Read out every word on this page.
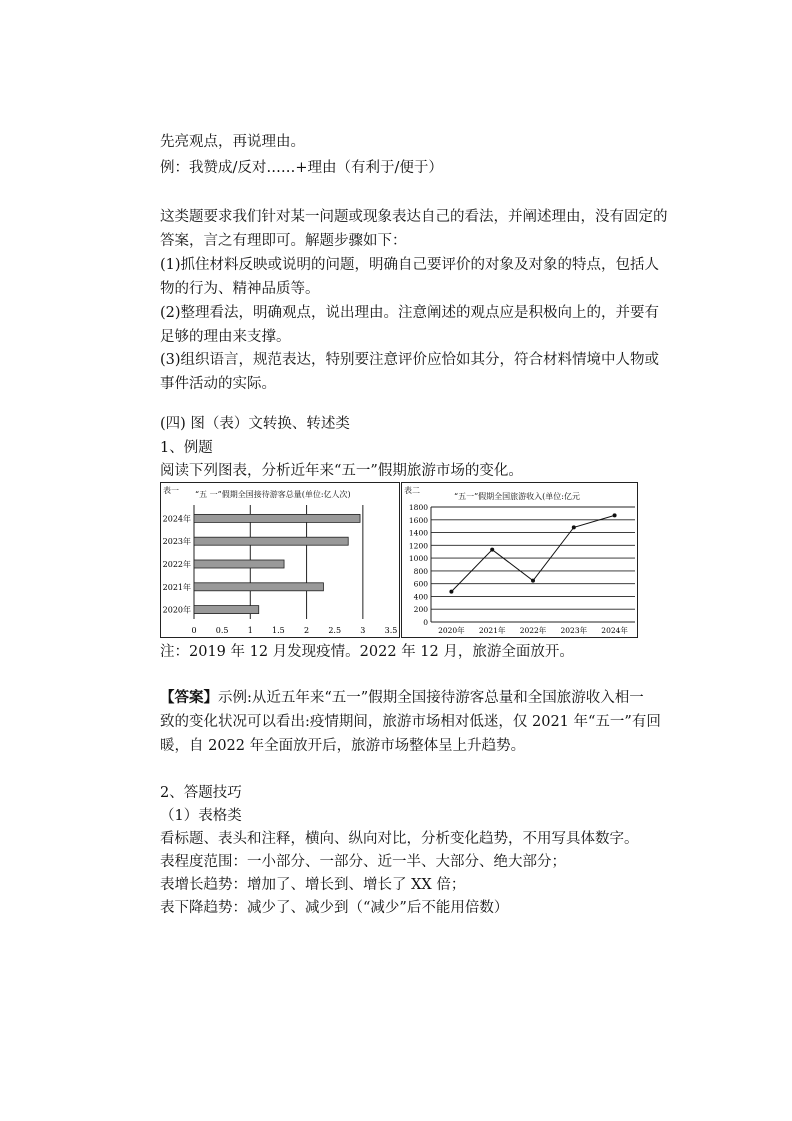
先亮观点，再说理由。
例：我赞成/反对……+理由（有利于/便于）
这类题要求我们针对某一问题或现象表达自己的看法，并阐述理由，没有固定的
答案，言之有理即可。解题步骤如下：
(1)抓住材料反映或说明的问题，明确自己要评价的对象及对象的特点，包括人
物的行为、精神品质等。
(2)整理看法，明确观点，说出理由。注意阐述的观点应是积极向上的，并要有
足够的理由来支撑。
(3)组织语言，规范表达，特别要注意评价应恰如其分，符合材料情境中人物或
事件活动的实际。
(四) 图（表）文转换、转述类
1、例题
阅读下列图表，分析近年来“五一”假期旅游市场的变化。
表一 “五 一”假期全国接待游客总量(单位:亿人次)
2024年
2023年
2022年
2021年
2020年
0 0.5 1 1.5 2 2.5 3 3.5
表二
“五一”假期全国旅游收入(单位:亿元
0
200
400
600
800
1000
1200
1400
1600
1800
2020年 2021年 2022年 2023年 2024年
注：2019 年 12 月发现疫情。2022 年 12 月，旅游全面放开。
【答案】示例:从近五年来“五一”假期全国接待游客总量和全国旅游收入相一
致的变化状况可以看出:疫情期间，旅游市场相对低迷，仅 2021 年“五一”有回
暖，自 2022 年全面放开后，旅游市场整体呈上升趋势。
2、答题技巧
（1）表格类
看标题、表头和注释，横向、纵向对比，分析变化趋势，不用写具体数字。
表程度范围：一小部分、一部分、近一半、大部分、绝大部分；
表增长趋势：增加了、增长到、增长了 XX 倍；
表下降趋势：减少了、减少到（“减少”后不能用倍数）
